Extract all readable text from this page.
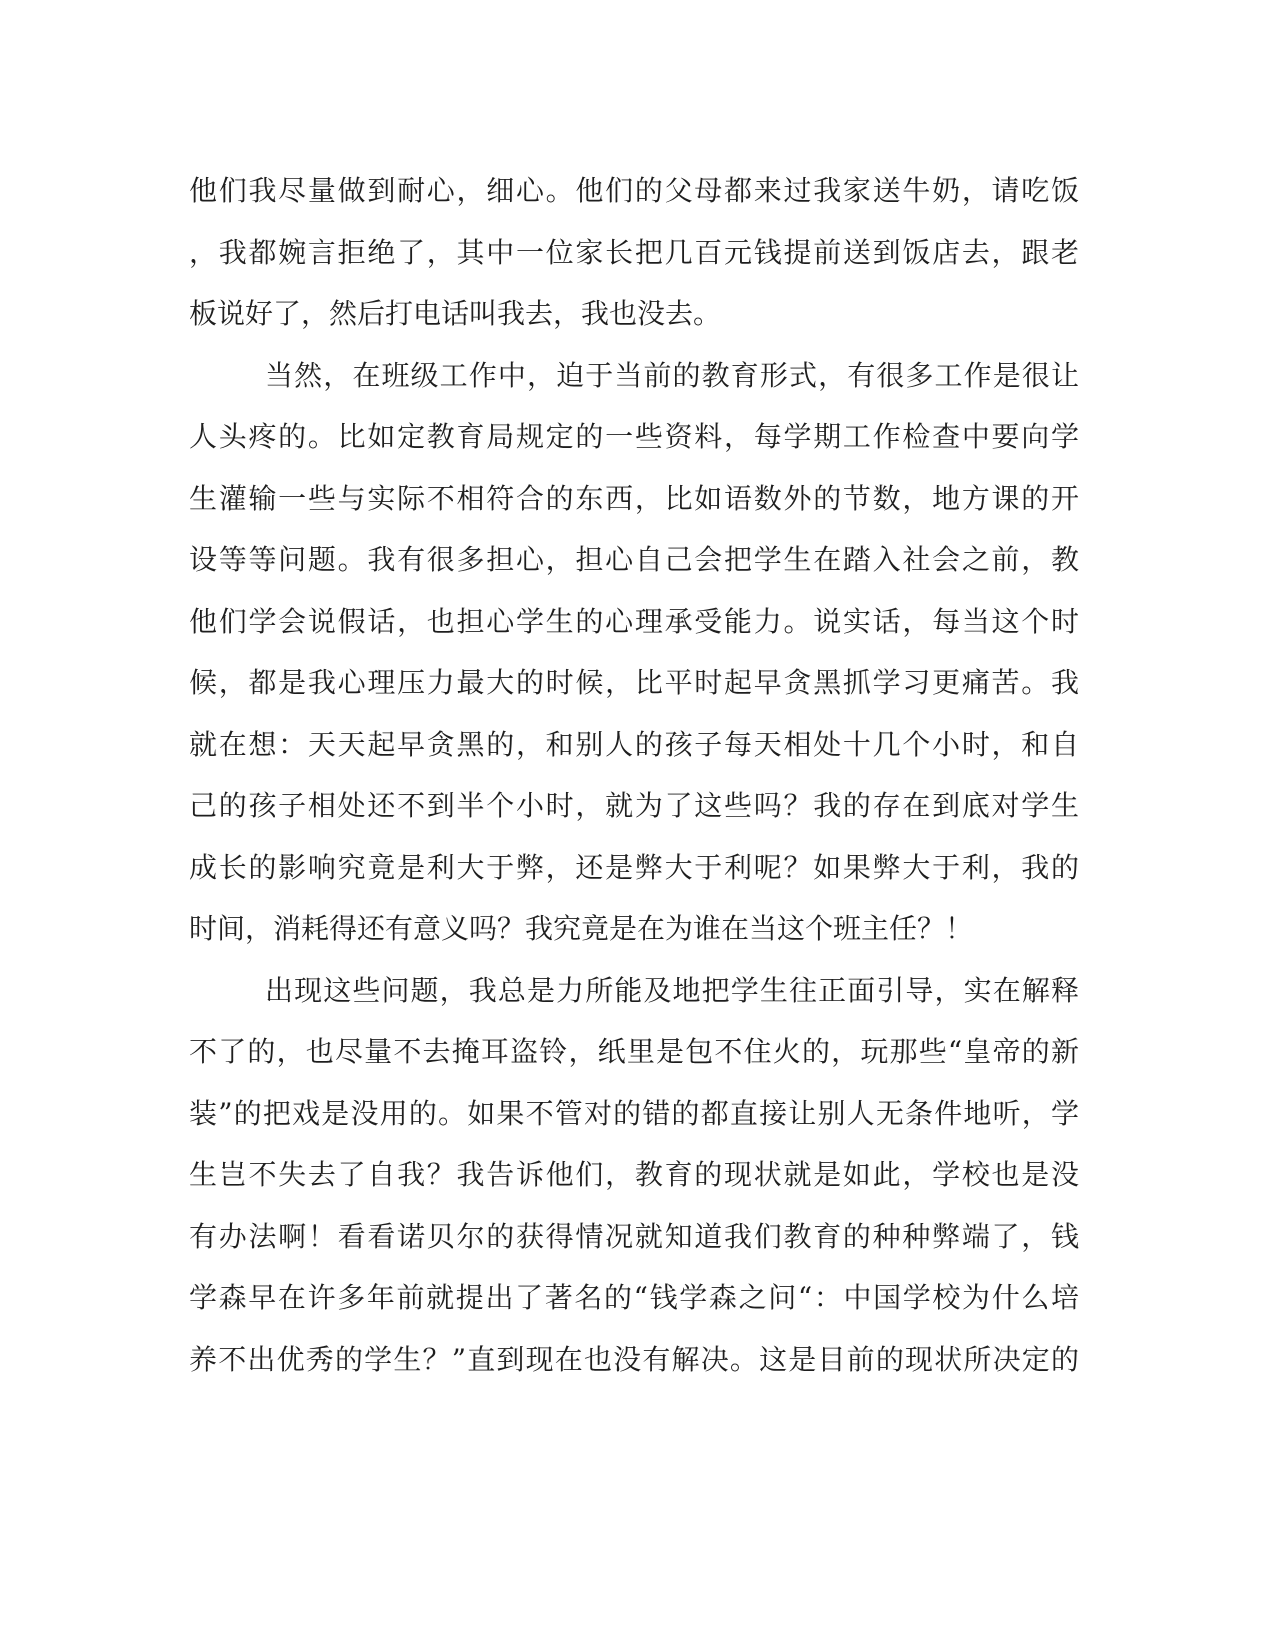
他们我尽量做到耐心，细心。他们的父母都来过我家送牛奶，请吃饭
，我都婉言拒绝了，其中一位家长把几百元钱提前送到饭店去，跟老
板说好了，然后打电话叫我去，我也没去。
当然，在班级工作中，迫于当前的教育形式，有很多工作是很让
人头疼的。比如定教育局规定的一些资料，每学期工作检查中要向学
生灌输一些与实际不相符合的东西，比如语数外的节数，地方课的开
设等等问题。我有很多担心，担心自己会把学生在踏入社会之前，教
他们学会说假话，也担心学生的心理承受能力。说实话，每当这个时
候，都是我心理压力最大的时候，比平时起早贪黑抓学习更痛苦。我
就在想：天天起早贪黑的，和别人的孩子每天相处十几个小时，和自
己的孩子相处还不到半个小时，就为了这些吗？我的存在到底对学生
成长的影响究竟是利大于弊，还是弊大于利呢？如果弊大于利，我的
时间，消耗得还有意义吗？我究竟是在为谁在当这个班主任？！
出现这些问题，我总是力所能及地把学生往正面引导，实在解释
不了的，也尽量不去掩耳盗铃，纸里是包不住火的，玩那些“皇帝的新
装”的把戏是没用的。如果不管对的错的都直接让别人无条件地听，学
生岂不失去了自我？我告诉他们，教育的现状就是如此，学校也是没
有办法啊！看看诺贝尔的获得情况就知道我们教育的种种弊端了，钱
学森早在许多年前就提出了著名的“钱学森之问“：中国学校为什么培
养不出优秀的学生？”直到现在也没有解决。这是目前的现状所决定的
